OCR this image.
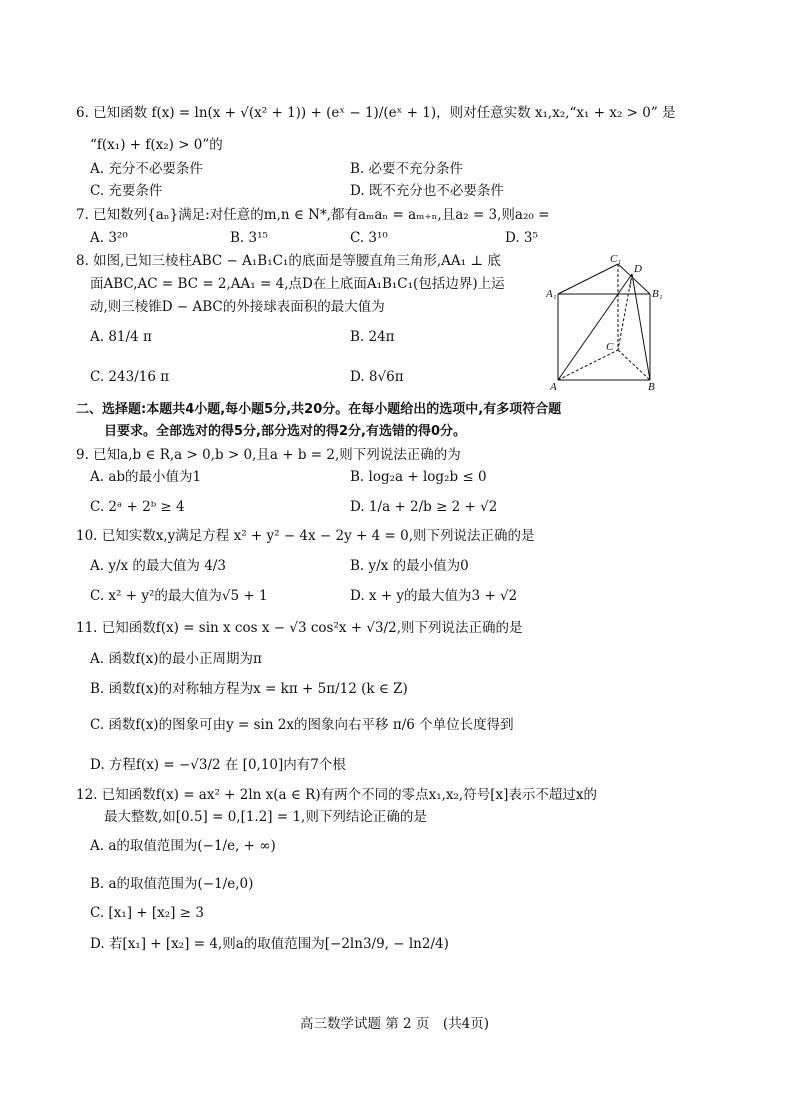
6. 已知函数 f(x) = ln(x + √(x² + 1)) + (eˣ − 1)/(eˣ + 1)，则对任意实数 x₁,x₂,“x₁ + x₂ > 0” 是
“f(x₁) + f(x₂) > 0”的
A. 充分不必要条件	B. 必要不充分条件
C. 充要条件	D. 既不充分也不必要条件
7. 已知数列{aₙ}满足:对任意的m,n ∈ N*,都有aₘaₙ = aₘ₊ₙ,且a₂ = 3,则a₂₀ =
A. 3²⁰	B. 3¹⁵	C. 3¹⁰	D. 3⁵
8. 如图,已知三棱柱ABC − A₁B₁C₁的底面是等腰直角三角形,AA₁ ⊥ 底
面ABC,AC = BC = 2,AA₁ = 4,点D在上底面A₁B₁C₁(包括边界)上运
动,则三棱锥D − ABC的外接球表面积的最大值为
A. 81/4 π	B. 24π
C. 243/16 π	D. 8√6π
C₁
D
A₁	B₁
C
A	B
二、选择题:本题共4小题,每小题5分,共20分。在每小题给出的选项中,有多项符合题
目要求。全部选对的得5分,部分选对的得2分,有选错的得0分。
9. 已知a,b ∈ R,a > 0,b > 0,且a + b = 2,则下列说法正确的为
A. ab的最小值为1	B. log₂a + log₂b ≤ 0
C. 2ᵃ + 2ᵇ ≥ 4	D. 1/a + 2/b ≥ 2 + √2
10. 已知实数x,y满足方程 x² + y² − 4x − 2y + 4 = 0,则下列说法正确的是
A. y/x 的最大值为 4/3	B. y/x 的最小值为0
C. x² + y²的最大值为√5 + 1	D. x + y的最大值为3 + √2
11. 已知函数f(x) = sin x cos x − √3 cos²x + √3/2,则下列说法正确的是
A. 函数f(x)的最小正周期为π
B. 函数f(x)的对称轴方程为x = kπ + 5π/12 (k ∈ Z)
C. 函数f(x)的图象可由y = sin 2x的图象向右平移 π/6 个单位长度得到
D. 方程f(x) = −√3/2 在 [0,10]内有7个根
12. 已知函数f(x) = ax² + 2ln x(a ∈ R)有两个不同的零点x₁,x₂,符号[x]表示不超过x的
最大整数,如[0.5] = 0,[1.2] = 1,则下列结论正确的是
A. a的取值范围为(−1/e, + ∞)
B. a的取值范围为(−1/e,0)
C. [x₁] + [x₂] ≥ 3
D. 若[x₁] + [x₂] = 4,则a的取值范围为[−2ln3/9, − ln2/4)
高三数学试题 第 2 页　(共4页)
